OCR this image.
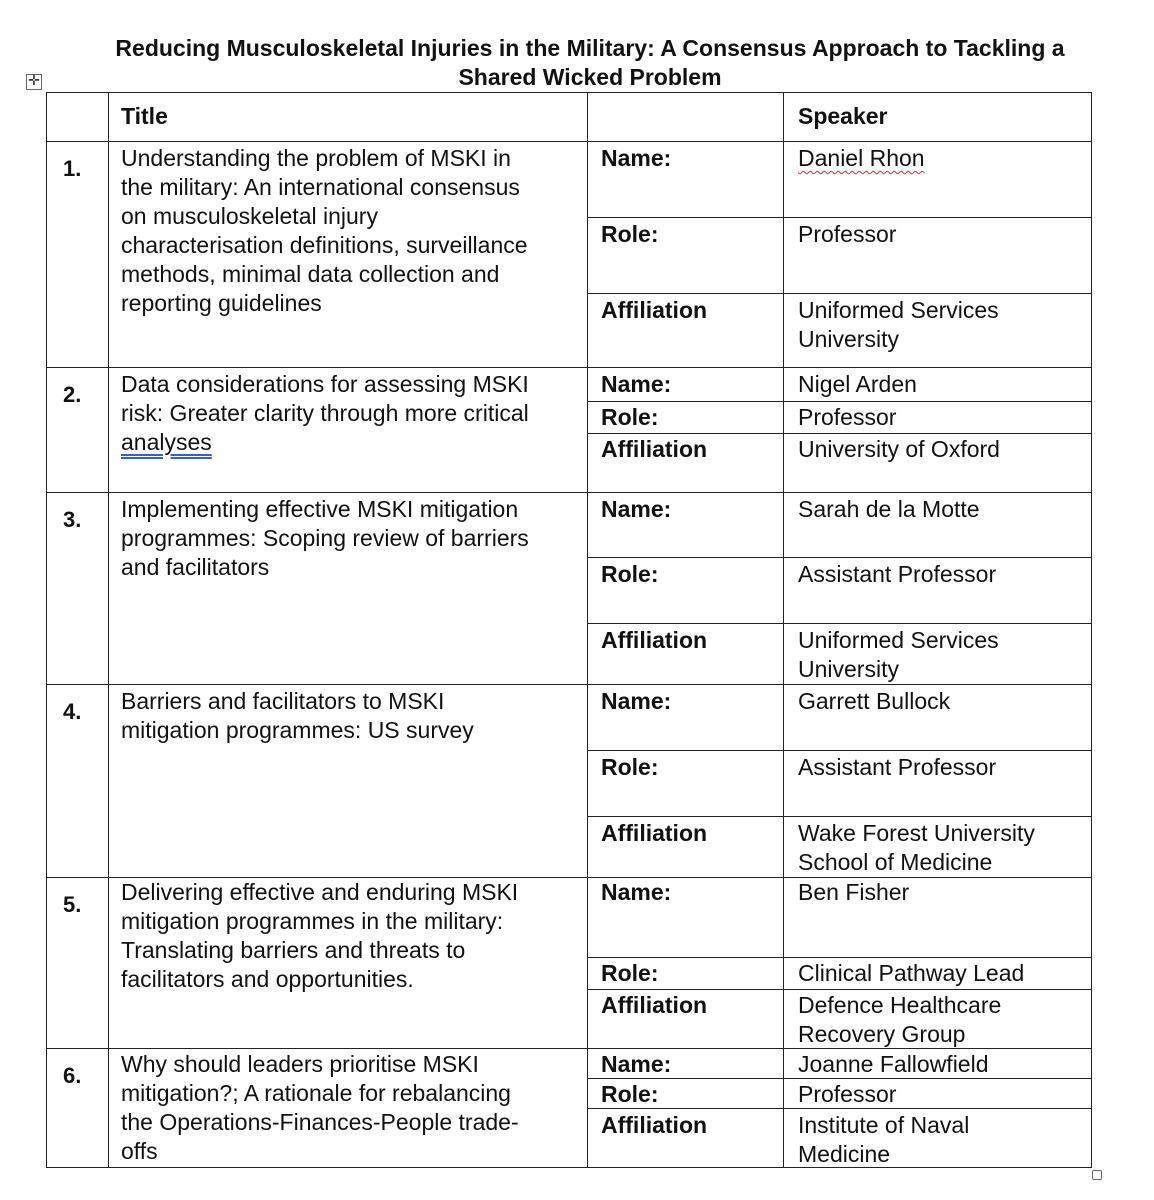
Reducing Musculoskeletal Injuries in the Military: A Consensus Approach to Tackling a
Shared Wicked Problem
✛
Title	Speaker
1. Understanding the problem of MSKI in
the military: An international consensus
on musculoskeletal injury
characterisation definitions, surveillance
methods, minimal data collection and
reporting guidelines
Name:	Daniel Rhon
Role:	Professor
Affiliation	Uniformed Services
University
2. Data considerations for assessing MSKI
risk: Greater clarity through more critical
analyses
Name:	Nigel Arden
Role:	Professor
Affiliation	University of Oxford
3. Implementing effective MSKI mitigation
programmes: Scoping review of barriers
and facilitators
Name:	Sarah de la Motte
Role:	Assistant Professor
Affiliation	Uniformed Services
University
4. Barriers and facilitators to MSKI
mitigation programmes: US survey
Name:	Garrett Bullock
Role:	Assistant Professor
Affiliation	Wake Forest University
School of Medicine
5. Delivering effective and enduring MSKI
mitigation programmes in the military:
Translating barriers and threats to
facilitators and opportunities.
Name:	Ben Fisher
Role:	Clinical Pathway Lead
Affiliation	Defence Healthcare
Recovery Group
6. Why should leaders prioritise MSKI
mitigation?; A rationale for rebalancing
the Operations-Finances-People trade-
offs
Name:	Joanne Fallowfield
Role:	Professor
Affiliation	Institute of Naval
Medicine
